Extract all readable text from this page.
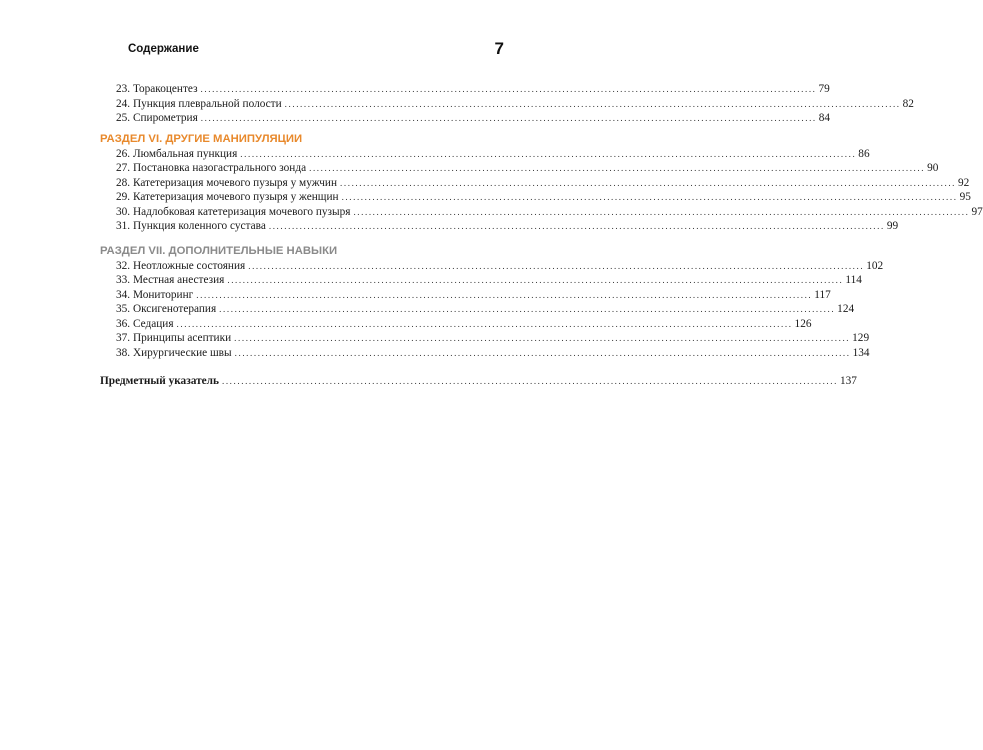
Содержание	7
23. Торакоцентез ................................................................................................................................................................ 79
24. Пункция плевральной полости ................................................................................................................................................................ 82
25. Спирометрия ................................................................................................................................................................ 84
РАЗДЕЛ VI. ДРУГИЕ МАНИПУЛЯЦИИ
26. Люмбальная пункция ................................................................................................................................................................ 86
27. Постановка назогастрального зонда ................................................................................................................................................................ 90
28. Катетеризация мочевого пузыря у мужчин ................................................................................................................................................................ 92
29. Катетеризация мочевого пузыря у женщин ................................................................................................................................................................ 95
30. Надлобковая катетеризация мочевого пузыря ................................................................................................................................................................ 97
31. Пункция коленного сустава ................................................................................................................................................................ 99
РАЗДЕЛ VII. ДОПОЛНИТЕЛЬНЫЕ НАВЫКИ
32. Неотложные состояния ................................................................................................................................................................ 102
33. Местная анестезия ................................................................................................................................................................ 114
34. Мониторинг ................................................................................................................................................................ 117
35. Оксигенотерапия ................................................................................................................................................................ 124
36. Седация ................................................................................................................................................................ 126
37. Принципы асептики ................................................................................................................................................................ 129
38. Хирургические швы ................................................................................................................................................................ 134
Предметный указатель ................................................................................................................................................................ 137
